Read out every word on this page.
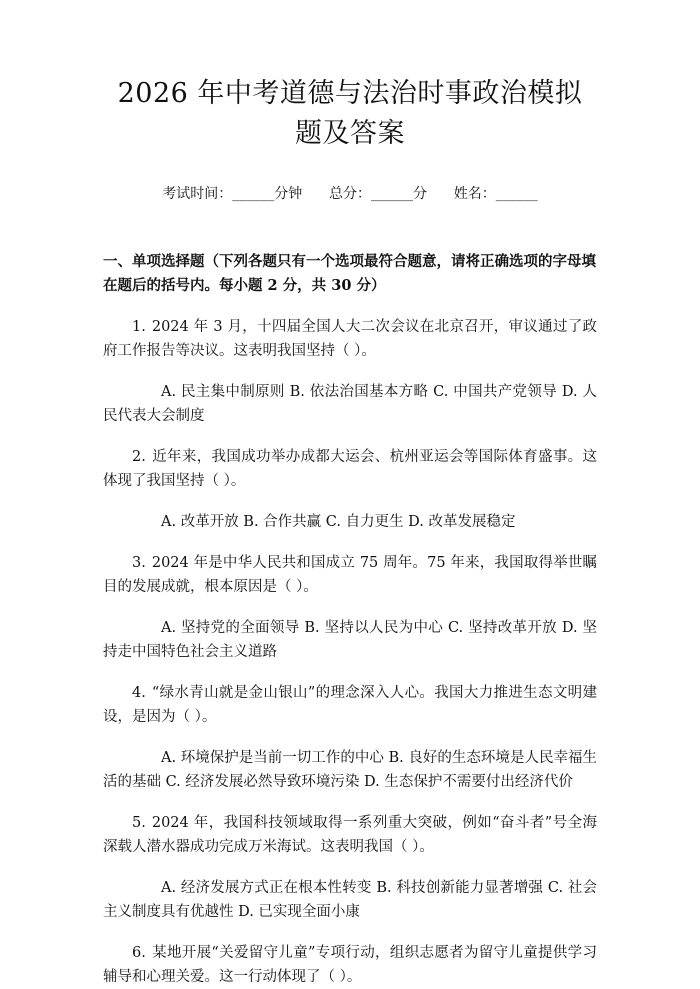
2026 年中考道德与法治时事政治模拟题及答案
考试时间：______分钟      总分：______分      姓名：______
一、单项选择题（下列各题只有一个选项最符合题意，请将正确选项的字母填在题后的括号内。每小题 2 分，共 30 分）
1. 2024 年 3 月，十四届全国人大二次会议在北京召开，审议通过了政府工作报告等决议。这表明我国坚持（ ）。
A. 民主集中制原则 B. 依法治国基本方略 C. 中国共产党领导 D. 人民代表大会制度
2. 近年来，我国成功举办成都大运会、杭州亚运会等国际体育盛事。这体现了我国坚持（ ）。
A. 改革开放 B. 合作共赢 C. 自力更生 D. 改革发展稳定
3. 2024 年是中华人民共和国成立 75 周年。75 年来，我国取得举世瞩目的发展成就，根本原因是（ ）。
A. 坚持党的全面领导 B. 坚持以人民为中心 C. 坚持改革开放 D. 坚持走中国特色社会主义道路
4. “绿水青山就是金山银山”的理念深入人心。我国大力推进生态文明建设，是因为（ ）。
A. 环境保护是当前一切工作的中心 B. 良好的生态环境是人民幸福生活的基础 C. 经济发展必然导致环境污染 D. 生态保护不需要付出经济代价
5. 2024 年，我国科技领域取得一系列重大突破，例如“奋斗者”号全海深载人潜水器成功完成万米海试。这表明我国（ ）。
A. 经济发展方式正在根本性转变 B. 科技创新能力显著增强 C. 社会主义制度具有优越性 D. 已实现全面小康
6. 某地开展“关爱留守儿童”专项行动，组织志愿者为留守儿童提供学习辅导和心理关爱。这一行动体现了（ ）。
